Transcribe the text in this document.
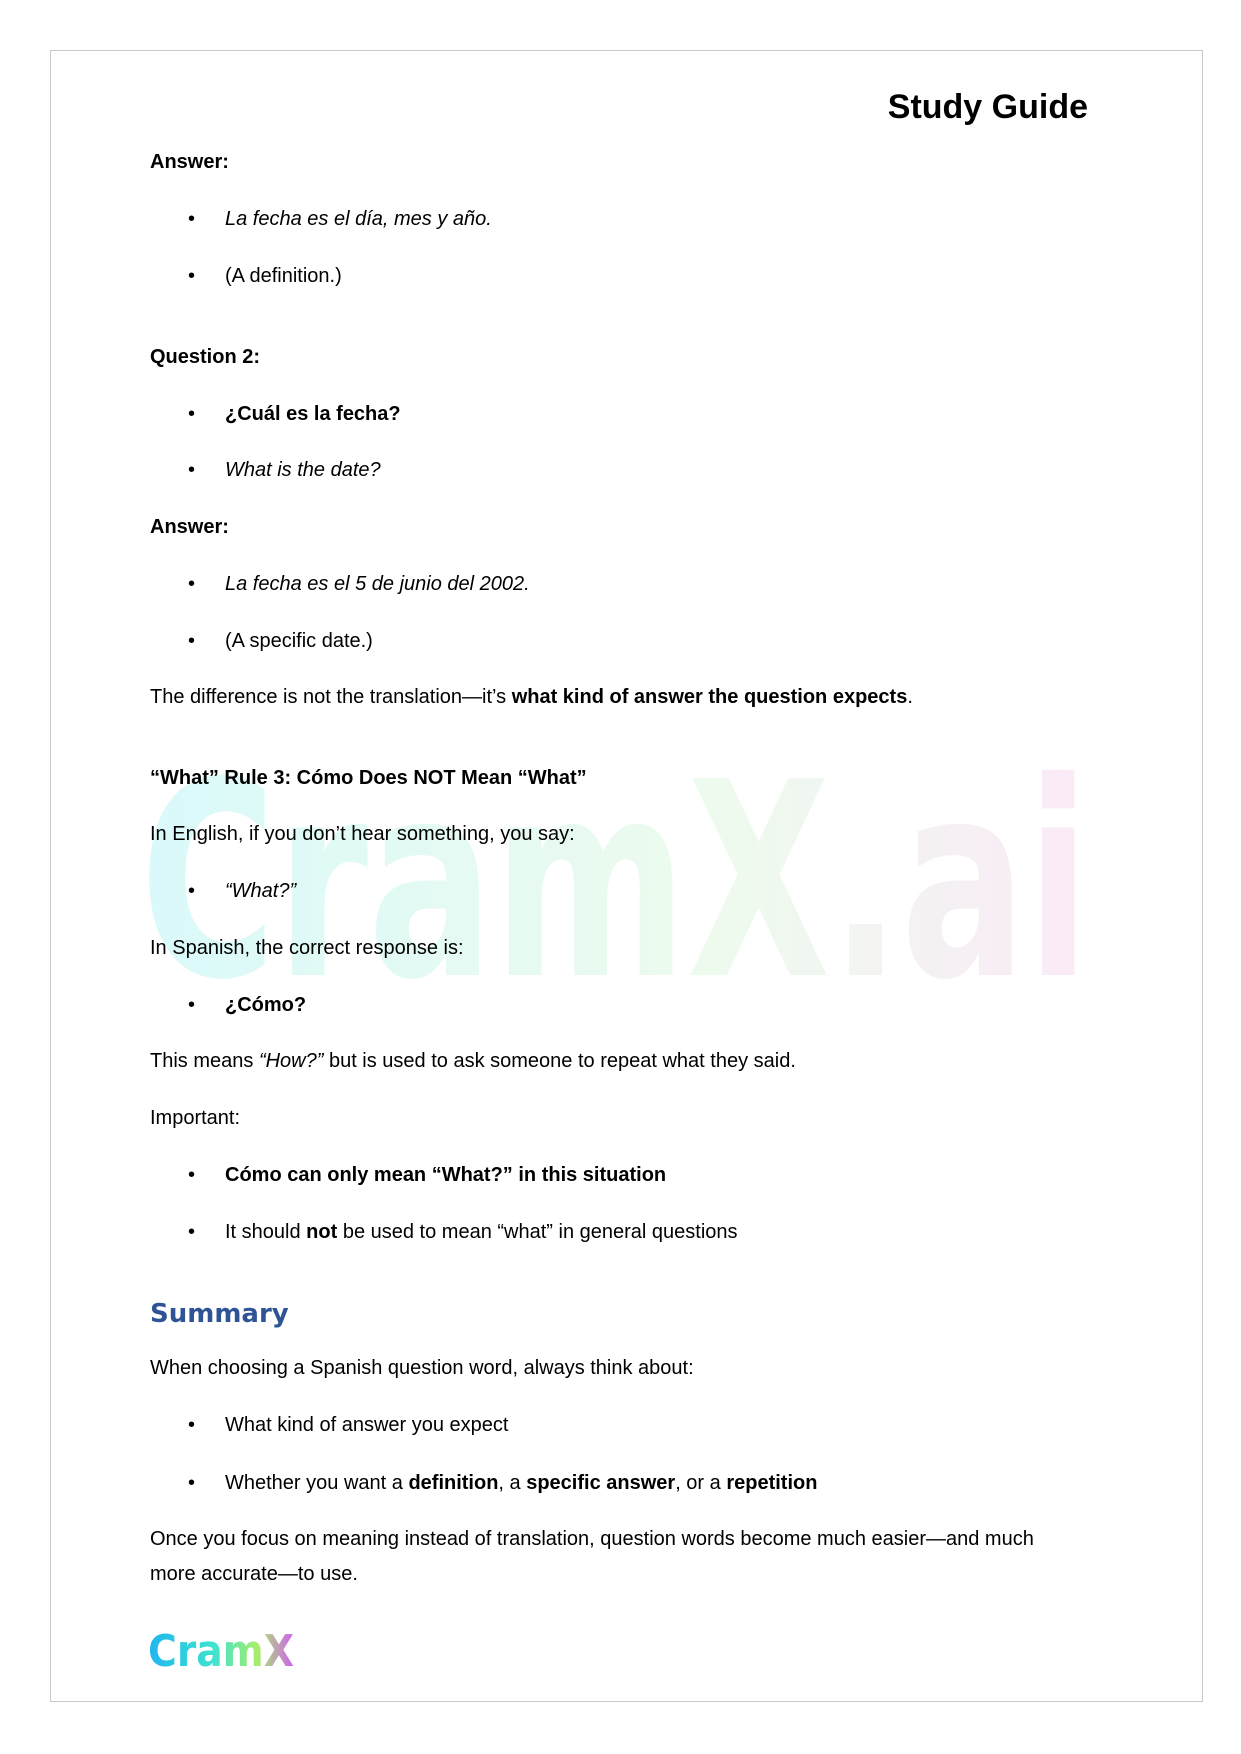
CramX.ai
Study Guide
Answer:
• La fecha es el día, mes y año.
• (A definition.)
Question 2:
• ¿Cuál es la fecha?
• What is the date?
Answer:
• La fecha es el 5 de junio del 2002.
• (A specific date.)
The difference is not the translation—it’s what kind of answer the question expects.
“What” Rule 3: Cómo Does NOT Mean “What”
In English, if you don’t hear something, you say:
• “What?”
In Spanish, the correct response is:
• ¿Cómo?
This means “How?” but is used to ask someone to repeat what they said.
Important:
• Cómo can only mean “What?” in this situation
• It should not be used to mean “what” in general questions
Summary
When choosing a Spanish question word, always think about:
• What kind of answer you expect
• Whether you want a definition, a specific answer, or a repetition
Once you focus on meaning instead of translation, question words become much easier—and much
more accurate—to use.
CramX
